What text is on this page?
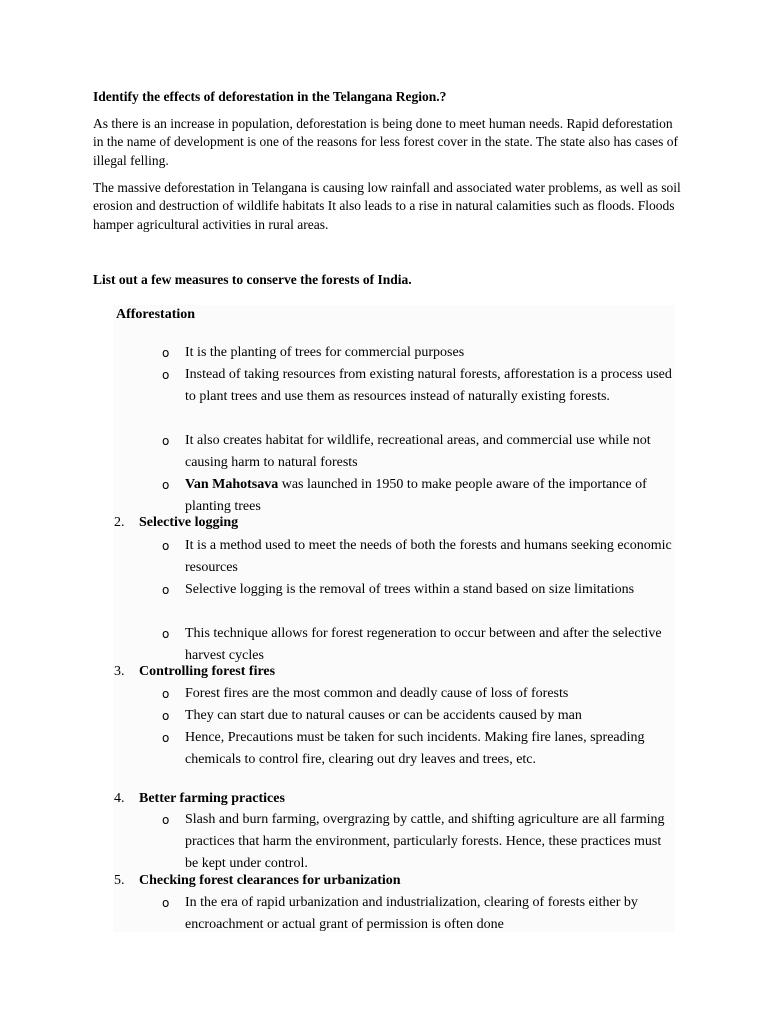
Identify the effects of deforestation in the Telangana Region.?

As there is an increase in population, deforestation is being done to meet human needs. Rapid deforestation in the name of development is one of the reasons for less forest cover in the state. The state also has cases of illegal felling.

The massive deforestation in Telangana is causing low rainfall and associated water problems, as well as soil erosion and destruction of wildlife habitats It also leads to a rise in natural calamities such as floods. Floods hamper agricultural activities in rural areas.

List out a few measures to conserve the forests of India.
Afforestation
o It is the planting of trees for commercial purposes

o Instead of taking resources from existing natural forests, afforestation is a process used to plant trees and use them as resources instead of naturally existing forests.

o It also creates habitat for wildlife, recreational areas, and commercial use while not causing harm to natural forests

o Van Mahotsava was launched in 1950 to make people aware of the importance of planting trees

2. Selective logging
o It is a method used to meet the needs of both the forests and humans seeking economic resources

o Selective logging is the removal of trees within a stand based on size limitations

o This technique allows for forest regeneration to occur between and after the selective harvest cycles

3. Controlling forest fires
o Forest fires are the most common and deadly cause of loss of forests

o They can start due to natural causes or can be accidents caused by man

o Hence, Precautions must be taken for such incidents. Making fire lanes, spreading chemicals to control fire, clearing out dry leaves and trees, etc.

4. Better farming practices
o Slash and burn farming, overgrazing by cattle, and shifting agriculture are all farming practices that harm the environment, particularly forests. Hence, these practices must be kept under control.

5. Checking forest clearances for urbanization
o In the era of rapid urbanization and industrialization, clearing of forests either by encroachment or actual grant of permission is often done
